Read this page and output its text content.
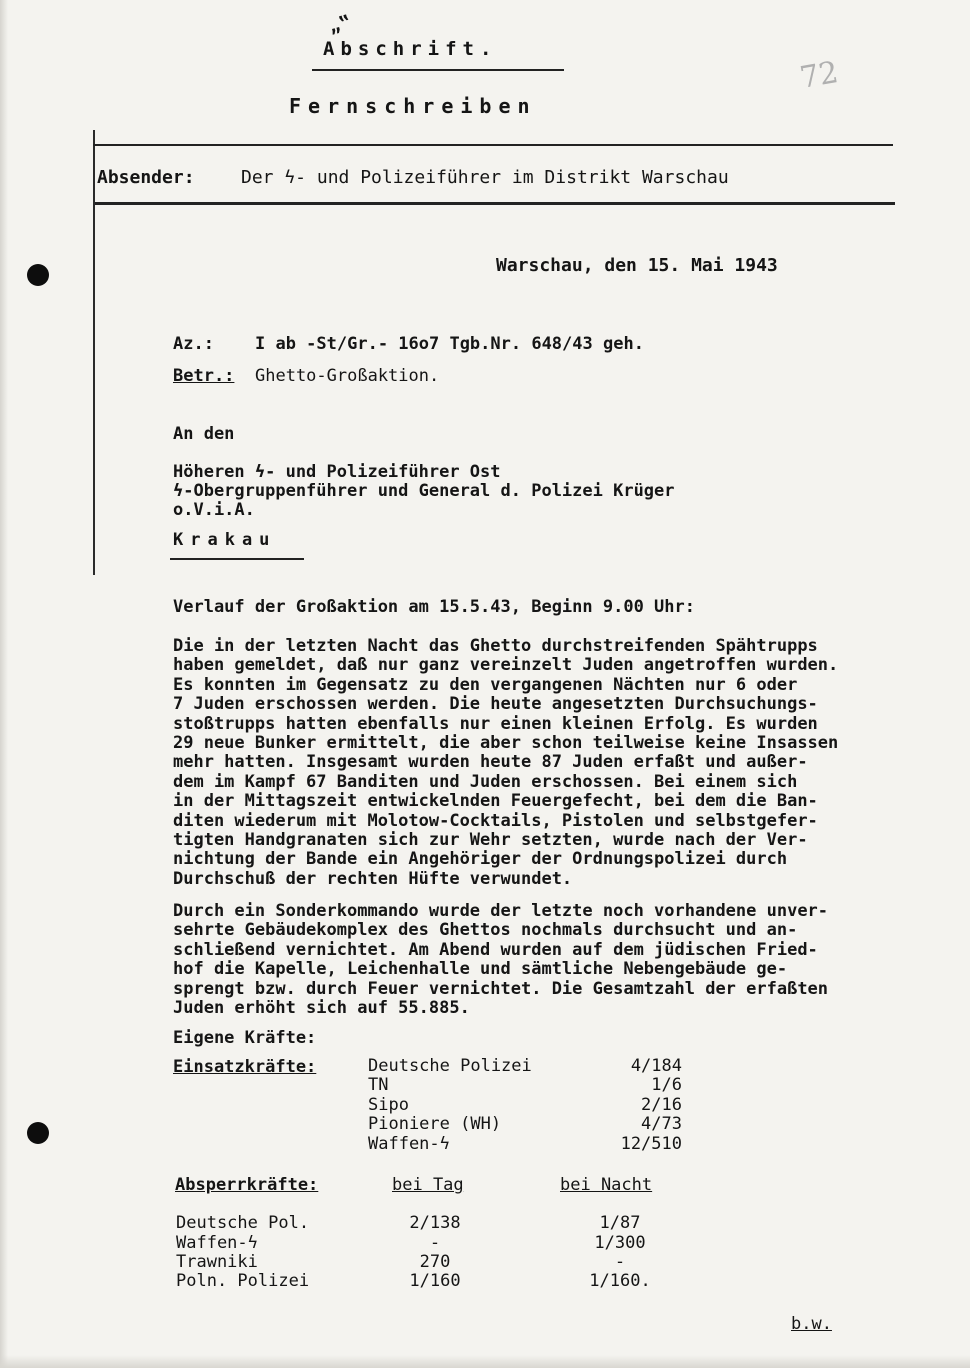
„‟
Abschrift.
72
Fernschreiben
Absender:	Der ϟ- und Polizeiführer im Distrikt Warschau
Warschau, den 15. Mai 1943
Az.: I ab -St/Gr.- 16o7 Tgb.Nr. 648/43 geh.
Betr.: Ghetto-Großaktion.
An den
Höheren ϟ- und Polizeiführer Ost
ϟ-Obergruppenführer und General d. Polizei Krüger
o.V.i.A.
Krakau
Verlauf der Großaktion am 15.5.43, Beginn 9.00 Uhr:
Die in der letzten Nacht das Ghetto durchstreifenden Spähtrupps
haben gemeldet, daß nur ganz vereinzelt Juden angetroffen wurden.
Es konnten im Gegensatz zu den vergangenen Nächten nur 6 oder
7 Juden erschossen werden. Die heute angesetzten Durchsuchungs-
stoßtrupps hatten ebenfalls nur einen kleinen Erfolg. Es wurden
29 neue Bunker ermittelt, die aber schon teilweise keine Insassen
mehr hatten. Insgesamt wurden heute 87 Juden erfaßt und außer-
dem im Kampf 67 Banditen und Juden erschossen. Bei einem sich
in der Mittagszeit entwickelnden Feuergefecht, bei dem die Ban-
diten wiederum mit Molotow-Cocktails, Pistolen und selbstgefer-
tigten Handgranaten sich zur Wehr setzten, wurde nach der Ver-
nichtung der Bande ein Angehöriger der Ordnungspolizei durch
Durchschuß der rechten Hüfte verwundet.
Durch ein Sonderkommando wurde der letzte noch vorhandene unver-
sehrte Gebäudekomplex des Ghettos nochmals durchsucht und an-
schließend vernichtet. Am Abend wurden auf dem jüdischen Fried-
hof die Kapelle, Leichenhalle und sämtliche Nebengebäude ge-
sprengt bzw. durch Feuer vernichtet. Die Gesamtzahl der erfaßten
Juden erhöht sich auf 55.885.
Eigene Kräfte:
Einsatzkräfte:	Deutsche Polizei	4/184
TN	1/6
Sipo	2/16
Pioniere (WH)	4/73
Waffen-ϟ	12/510
Absperrkräfte:	bei Tag	bei Nacht
Deutsche Pol.	2/138	1/87
Waffen-ϟ	-	1/300
Trawniki	270	-
Poln. Polizei	1/160	1/160.
b.w.
